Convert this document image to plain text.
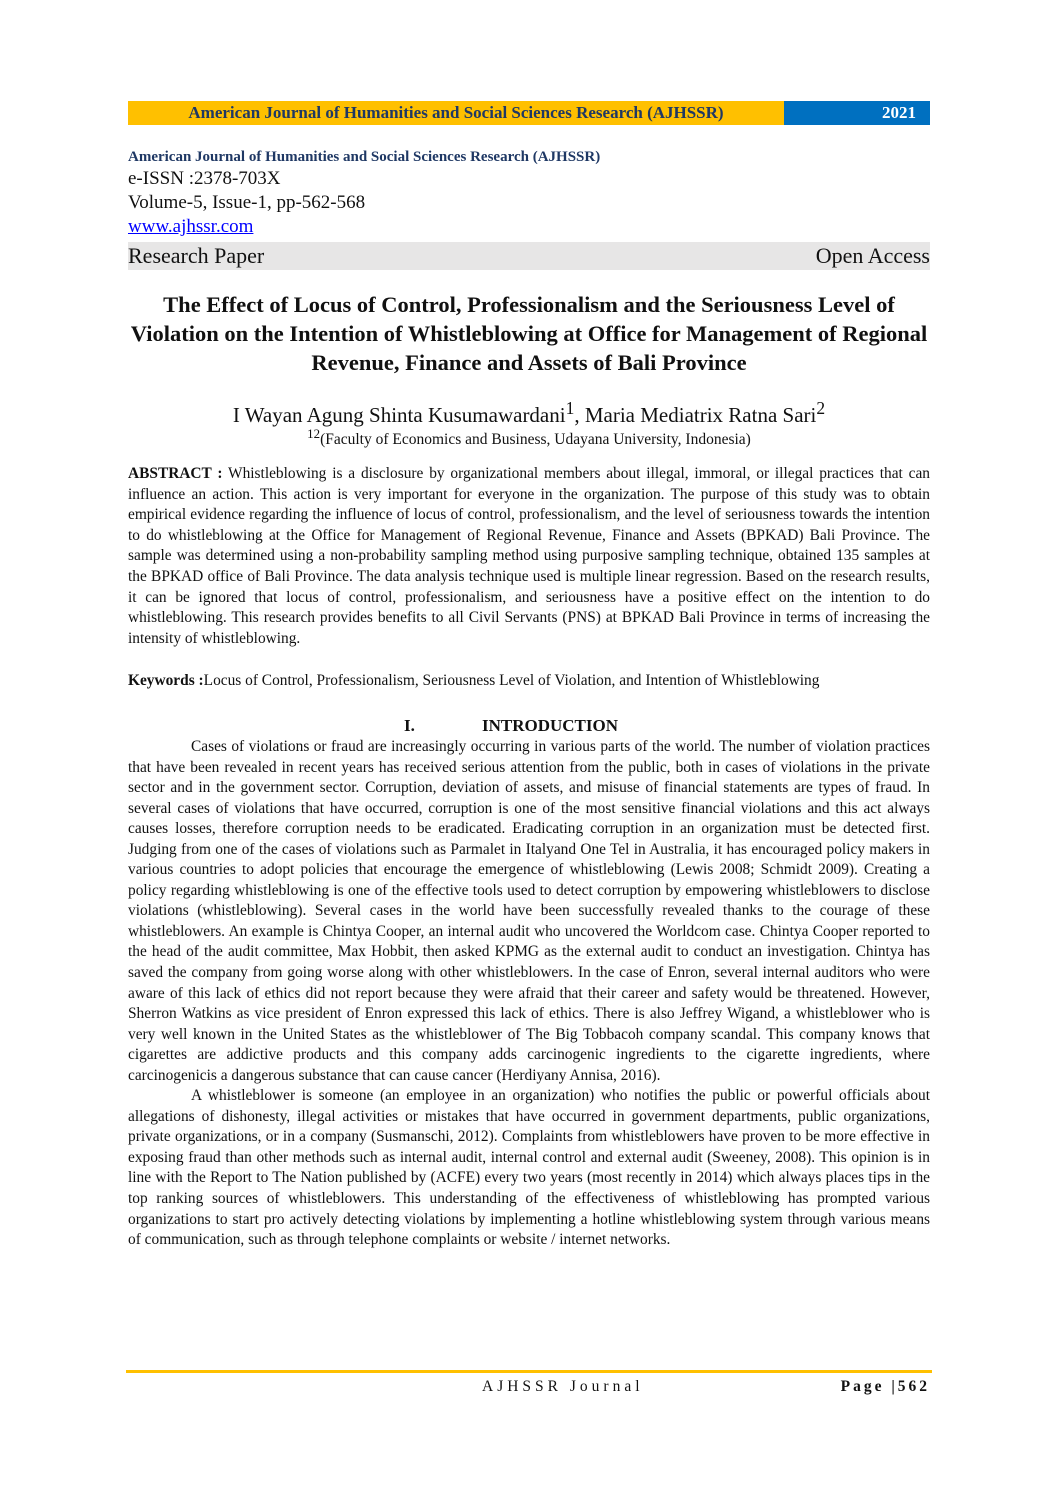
American Journal of Humanities and Social Sciences Research (AJHSSR)	2021
American Journal of Humanities and Social Sciences Research (AJHSSR)
e-ISSN :2378-703X
Volume-5, Issue-1, pp-562-568
www.ajhssr.com
Research Paper	Open Access
The Effect of Locus of Control, Professionalism and the Seriousness Level of Violation on the Intention of Whistleblowing at Office for Management of Regional Revenue, Finance and Assets of Bali Province
I Wayan Agung Shinta Kusumawardani$^1$, Maria Mediatrix Ratna Sari$^2$
$^{12}$(Faculty of Economics and Business, Udayana University, Indonesia)
ABSTRACT : Whistleblowing is a disclosure by organizational members about illegal, immoral, or illegal practices that can influence an action. This action is very important for everyone in the organization. The purpose of this study was to obtain empirical evidence regarding the influence of locus of control, professionalism, and the level of seriousness towards the intention to do whistleblowing at the Office for Management of Regional Revenue, Finance and Assets (BPKAD) Bali Province. The sample was determined using a non-probability sampling method using purposive sampling technique, obtained 135 samples at the BPKAD office of Bali Province. The data analysis technique used is multiple linear regression. Based on the research results, it can be ignored that locus of control, professionalism, and seriousness have a positive effect on the intention to do whistleblowing. This research provides benefits to all Civil Servants (PNS) at BPKAD Bali Province in terms of increasing the intensity of whistleblowing.
Keywords :Locus of Control, Professionalism, Seriousness Level of Violation, and Intention of Whistleblowing
I.	INTRODUCTION

Cases of violations or fraud are increasingly occurring in various parts of the world. The number of violation practices that have been revealed in recent years has received serious attention from the public, both in cases of violations in the private sector and in the government sector. Corruption, deviation of assets, and misuse of financial statements are types of fraud. In several cases of violations that have occurred, corruption is one of the most sensitive financial violations and this act always causes losses, therefore corruption needs to be eradicated. Eradicating corruption in an organization must be detected first. Judging from one of the cases of violations such as Parmalet in Italyand One Tel in Australia, it has encouraged policy makers in various countries to adopt policies that encourage the emergence of whistleblowing (Lewis 2008; Schmidt 2009). Creating a policy regarding whistleblowing is one of the effective tools used to detect corruption by empowering whistleblowers to disclose violations (whistleblowing). Several cases in the world have been successfully revealed thanks to the courage of these whistleblowers. An example is Chintya Cooper, an internal audit who uncovered the Worldcom case. Chintya Cooper reported to the head of the audit committee, Max Hobbit, then asked KPMG as the external audit to conduct an investigation. Chintya has saved the company from going worse along with other whistleblowers. In the case of Enron, several internal auditors who were aware of this lack of ethics did not report because they were afraid that their career and safety would be threatened. However, Sherron Watkins as vice president of Enron expressed this lack of ethics. There is also Jeffrey Wigand, a whistleblower who is very well known in the United States as the whistleblower of The Big Tobbacoh company scandal. This company knows that cigarettes are addictive products and this company adds carcinogenic ingredients to the cigarette ingredients, where carcinogenicis a dangerous substance that can cause cancer (Herdiyany Annisa, 2016).

A whistleblower is someone (an employee in an organization) who notifies the public or powerful officials about allegations of dishonesty, illegal activities or mistakes that have occurred in government departments, public organizations, private organizations, or in a company (Susmanschi, 2012). Complaints from whistleblowers have proven to be more effective in exposing fraud than other methods such as internal audit, internal control and external audit (Sweeney, 2008). This opinion is in line with the Report to The Nation published by (ACFE) every two years (most recently in 2014) which always places tips in the top ranking sources of whistleblowers. This understanding of the effectiveness of whistleblowing has prompted various organizations to start pro actively detecting violations by implementing a hotline whistleblowing system through various means of communication, such as through telephone complaints or website / internet networks.

AJHSSR Journal	Page |562
